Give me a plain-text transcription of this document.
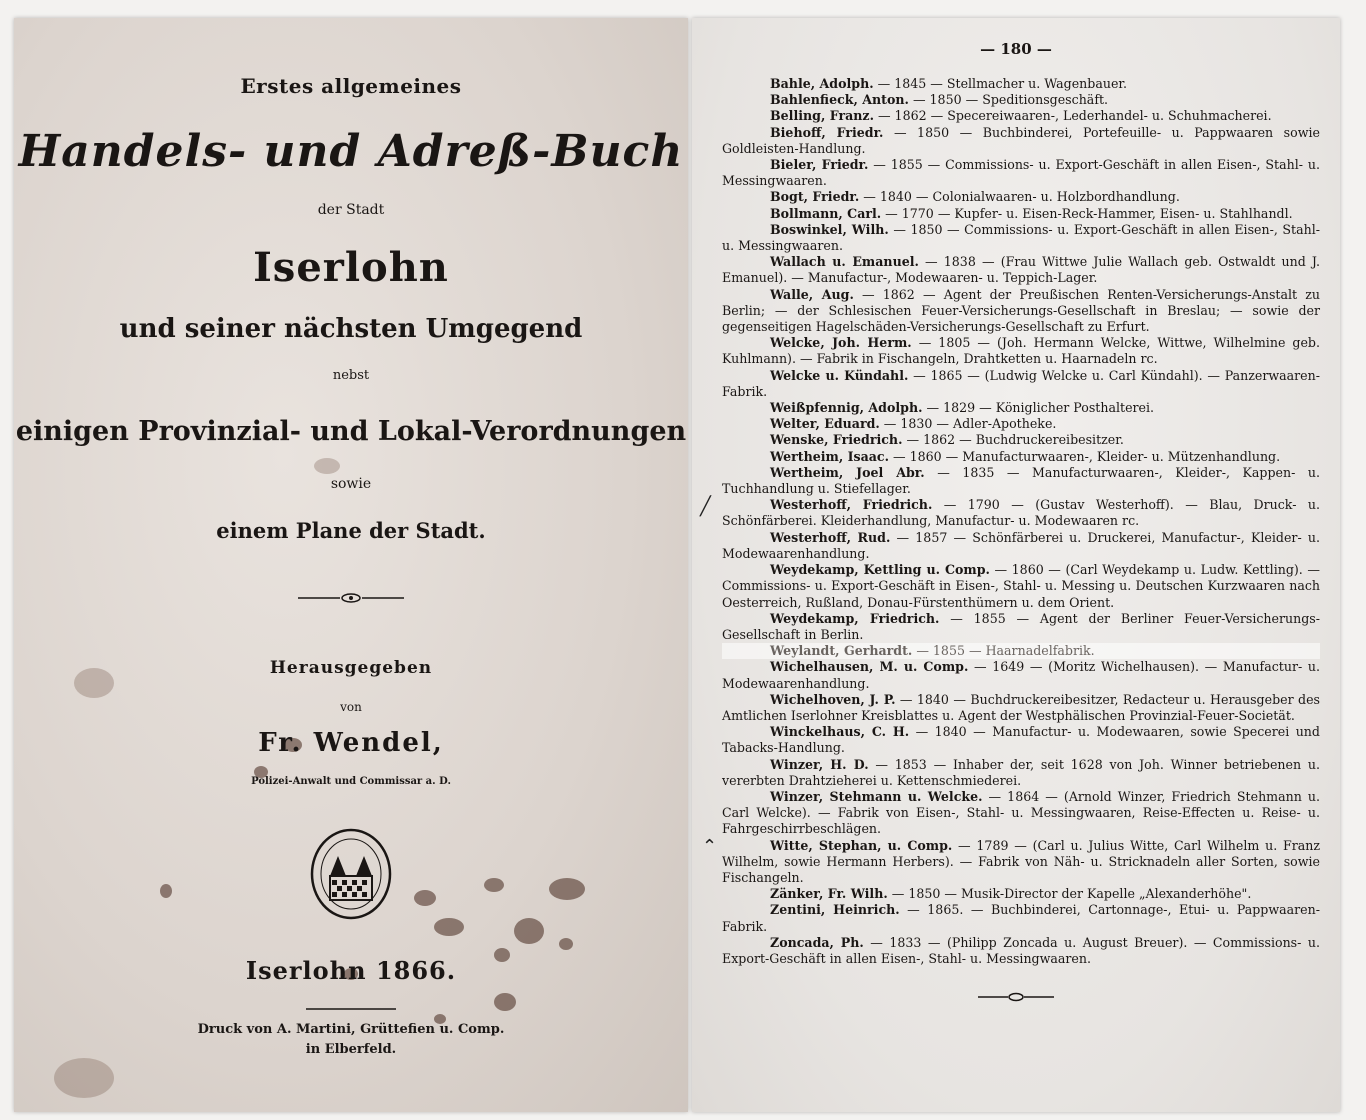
Erstes allgemeines
Handels- und Adreß-Buch
der Stadt
Iserlohn
und seiner nächsten Umgegend
nebst
einigen Provinzial- und Lokal-Verordnungen
sowie
einem Plane der Stadt.
Herausgegeben
von
Fr. Wendel,
Polizei-Anwalt und Commissar a. D.
Iserlohn 1866.
Druck von A. Martini, Grüttefien u. Comp.
in Elberfeld.
— 180 —

Bahle, Adolph. — 1845 — Stellmacher u. Wagenbauer.

Bahlenfieck, Anton. — 1850 — Speditionsgeschäft.

Belling, Franz. — 1862 — Specereiwaaren-, Lederhandel- u. Schuhmacherei.

Biehoff, Friedr. — 1850 — Buchbinderei, Portefeuille- u. Pappwaaren sowie Goldleisten-Handlung.

Bieler, Friedr. — 1855 — Commissions- u. Export-Geschäft in allen Eisen-, Stahl- u. Messingwaaren.

Bogt, Friedr. — 1840 — Colonialwaaren- u. Holzbordhandlung.

Bollmann, Carl. — 1770 — Kupfer- u. Eisen-Reck-Hammer, Eisen- u. Stahlhandl.

Boswinkel, Wilh. — 1850 — Commissions- u. Export-Geschäft in allen Eisen-, Stahl- u. Messingwaaren.

Wallach u. Emanuel. — 1838 — (Frau Wittwe Julie Wallach geb. Ostwaldt und J. Emanuel). — Manufactur-, Modewaaren- u. Teppich-Lager.

Walle, Aug. — 1862 — Agent der Preußischen Renten-Versicherungs-Anstalt zu Berlin; — der Schlesischen Feuer-Versicherungs-Gesellschaft in Breslau; — sowie der gegenseitigen Hagelschäden-Versicherungs-Gesellschaft zu Erfurt.

Welcke, Joh. Herm. — 1805 — (Joh. Hermann Welcke, Wittwe, Wilhelmine geb. Kuhlmann). — Fabrik in Fischangeln, Drahtketten u. Haarnadeln rc.

Welcke u. Kündahl. — 1865 — (Ludwig Welcke u. Carl Kündahl). — Panzerwaaren-Fabrik.

Weißpfennig, Adolph. — 1829 — Königlicher Posthalterei.

Welter, Eduard. — 1830 — Adler-Apotheke.

Wenske, Friedrich. — 1862 — Buchdruckereibesitzer.

Wertheim, Isaac. — 1860 — Manufacturwaaren-, Kleider- u. Mützenhandlung.

Wertheim, Joel Abr. — 1835 — Manufacturwaaren-, Kleider-, Kappen- u. Tuchhandlung u. Stiefellager.

Westerhoff, Friedrich. — 1790 — (Gustav Westerhoff). — Blau, Druck- u. Schönfärberei. Kleiderhandlung, Manufactur- u. Modewaaren rc.

Westerhoff, Rud. — 1857 — Schönfärberei u. Druckerei, Manufactur-, Kleider- u. Modewaarenhandlung.

Weydekamp, Kettling u. Comp. — 1860 — (Carl Weydekamp u. Ludw. Kettling). — Commissions- u. Export-Geschäft in Eisen-, Stahl- u. Messing u. Deutschen Kurzwaaren nach Oesterreich, Rußland, Donau-Fürstenthümern u. dem Orient.

Weydekamp, Friedrich. — 1855 — Agent der Berliner Feuer-Versicherungs-Gesellschaft in Berlin.

Weylandt, Gerhardt. — 1855 — Haarnadelfabrik.

Wichelhausen, M. u. Comp. — 1649 — (Moritz Wichelhausen). — Manufactur- u. Modewaarenhandlung.

Wichelhoven, J. P. — 1840 — Buchdruckereibesitzer, Redacteur u. Herausgeber des Amtlichen Iserlohner Kreisblattes u. Agent der Westphälischen Provinzial-Feuer-Societät.

Winckelhaus, C. H. — 1840 — Manufactur- u. Modewaaren, sowie Specerei und Tabacks-Handlung.

Winzer, H. D. — 1853 — Inhaber der, seit 1628 von Joh. Winner betriebenen u. vererbten Drahtzieherei u. Kettenschmiederei.

Winzer, Stehmann u. Welcke. — 1864 — (Arnold Winzer, Friedrich Stehmann u. Carl Welcke). — Fabrik von Eisen-, Stahl- u. Messingwaaren, Reise-Effecten u. Reise- u. Fahrgeschirrbeschlägen.

Witte, Stephan, u. Comp. — 1789 — (Carl u. Julius Witte, Carl Wilhelm u. Franz Wilhelm, sowie Hermann Herbers). — Fabrik von Näh- u. Stricknadeln aller Sorten, sowie Fischangeln.

Zänker, Fr. Wilh. — 1850 — Musik-Director der Kapelle „Alexanderhöhe".

Zentini, Heinrich. — 1865. — Buchbinderei, Cartonnage-, Etui- u. Pappwaaren-Fabrik.

Zoncada, Ph. — 1833 — (Philipp Zoncada u. August Breuer). — Commissions- u. Export-Geschäft in allen Eisen-, Stahl- u. Messingwaaren.

╱
⌃
